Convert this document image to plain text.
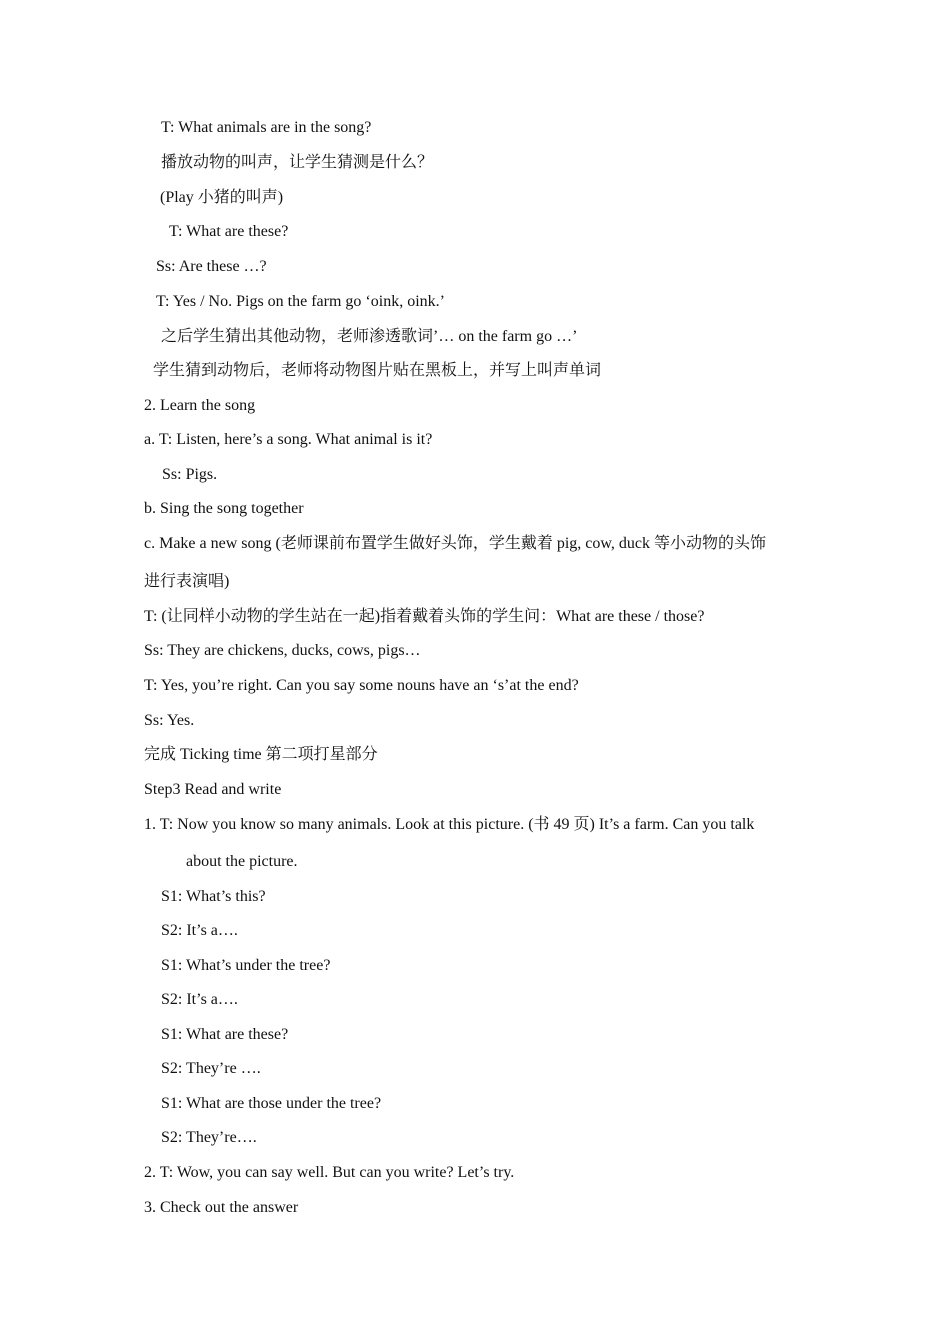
T: What animals are in the song?
播放动物的叫声，让学生猜测是什么？
(Play 小猪的叫声)
T: What are these?
Ss: Are these …?
T: Yes / No. Pigs on the farm go ‘oink, oink.’
之后学生猜出其他动物，老师渗透歌词’… on the farm go …’
学生猜到动物后，老师将动物图片贴在黑板上，并写上叫声单词
2. Learn the song
a. T: Listen, here’s a song. What animal is it?
Ss: Pigs.
b. Sing the song together
c. Make a new song (老师课前布置学生做好头饰，学生戴着 pig, cow, duck 等小动物的头饰
进行表演唱)
T: (让同样小动物的学生站在一起)指着戴着头饰的学生问：What are these / those?
Ss: They are chickens, ducks, cows, pigs…
T: Yes, you’re right. Can you say some nouns have an ‘s’at the end?
Ss: Yes.
完成 Ticking time 第二项打星部分
Step3 Read and write
1. T: Now you know so many animals. Look at this picture. (书 49 页) It’s a farm. Can you talk
about the picture.
S1: What’s this?
S2: It’s a….
S1: What’s under the tree?
S2: It’s a….
S1: What are these?
S2: They’re ….
S1: What are those under the tree?
S2: They’re….
2. T: Wow, you can say well. But can you write? Let’s try.
3. Check out the answer
